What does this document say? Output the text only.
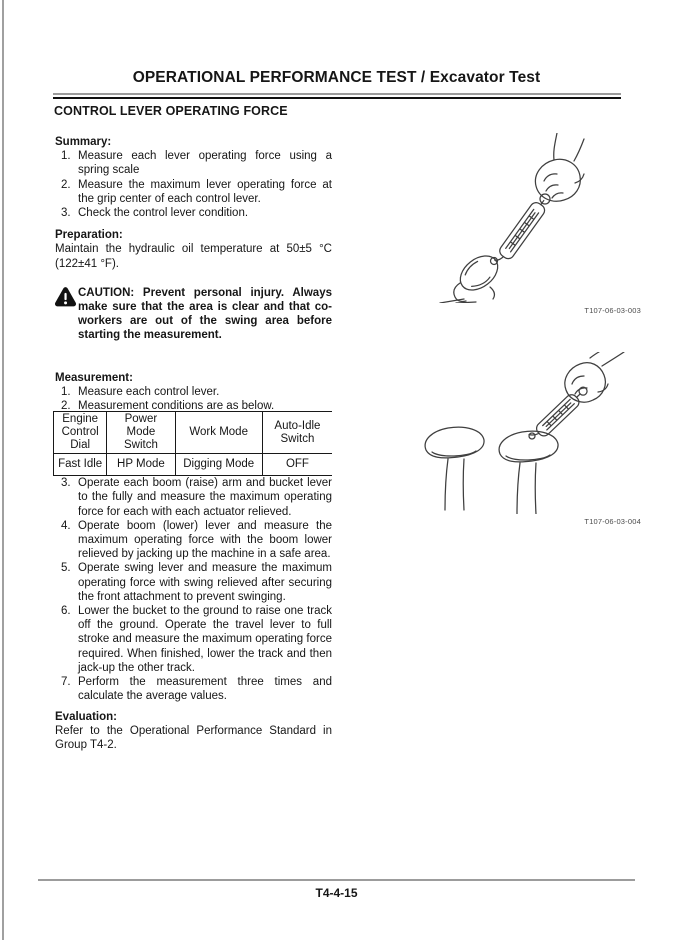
OPERATIONAL PERFORMANCE TEST / Excavator Test
CONTROL LEVER OPERATING FORCE

Summary:

1. Measure each lever operating force using a spring scale
2. Measure the maximum lever operating force at the grip center of each control lever.
3. Check the control lever condition.

Preparation:

Maintain the hydraulic oil temperature at 50±5 °C (122±41 °F).

CAUTION: Prevent personal injury. Always make sure that the area is clear and that co-workers are out of the swing area before starting the measurement.

Measurement:

1. Measure each control lever.
2. Measurement conditions are as below.
Engine Control Dial	Power Mode Switch	Work Mode	Auto-Idle Switch
Fast Idle	HP Mode	Digging Mode	OFF
3. Operate each boom (raise) arm and bucket lever to the fully and measure the maximum operating force for each with each actuator relieved.
4. Operate boom (lower) lever and measure the maximum operating force with the boom lower relieved by jacking up the machine in a safe area.
5. Operate swing lever and measure the maximum operating force with swing relieved after securing the front attachment to prevent swinging.
6. Lower the bucket to the ground to raise one track off the ground. Operate the travel lever to full stroke and measure the maximum operating force required. When finished, lower the track and then jack-up the other track.
7. Perform the measurement three times and calculate the average values.

Evaluation:

Refer to the Operational Performance Standard in Group T4-2.

T107-06-03-003
T107-06-03-004
T4-4-15
